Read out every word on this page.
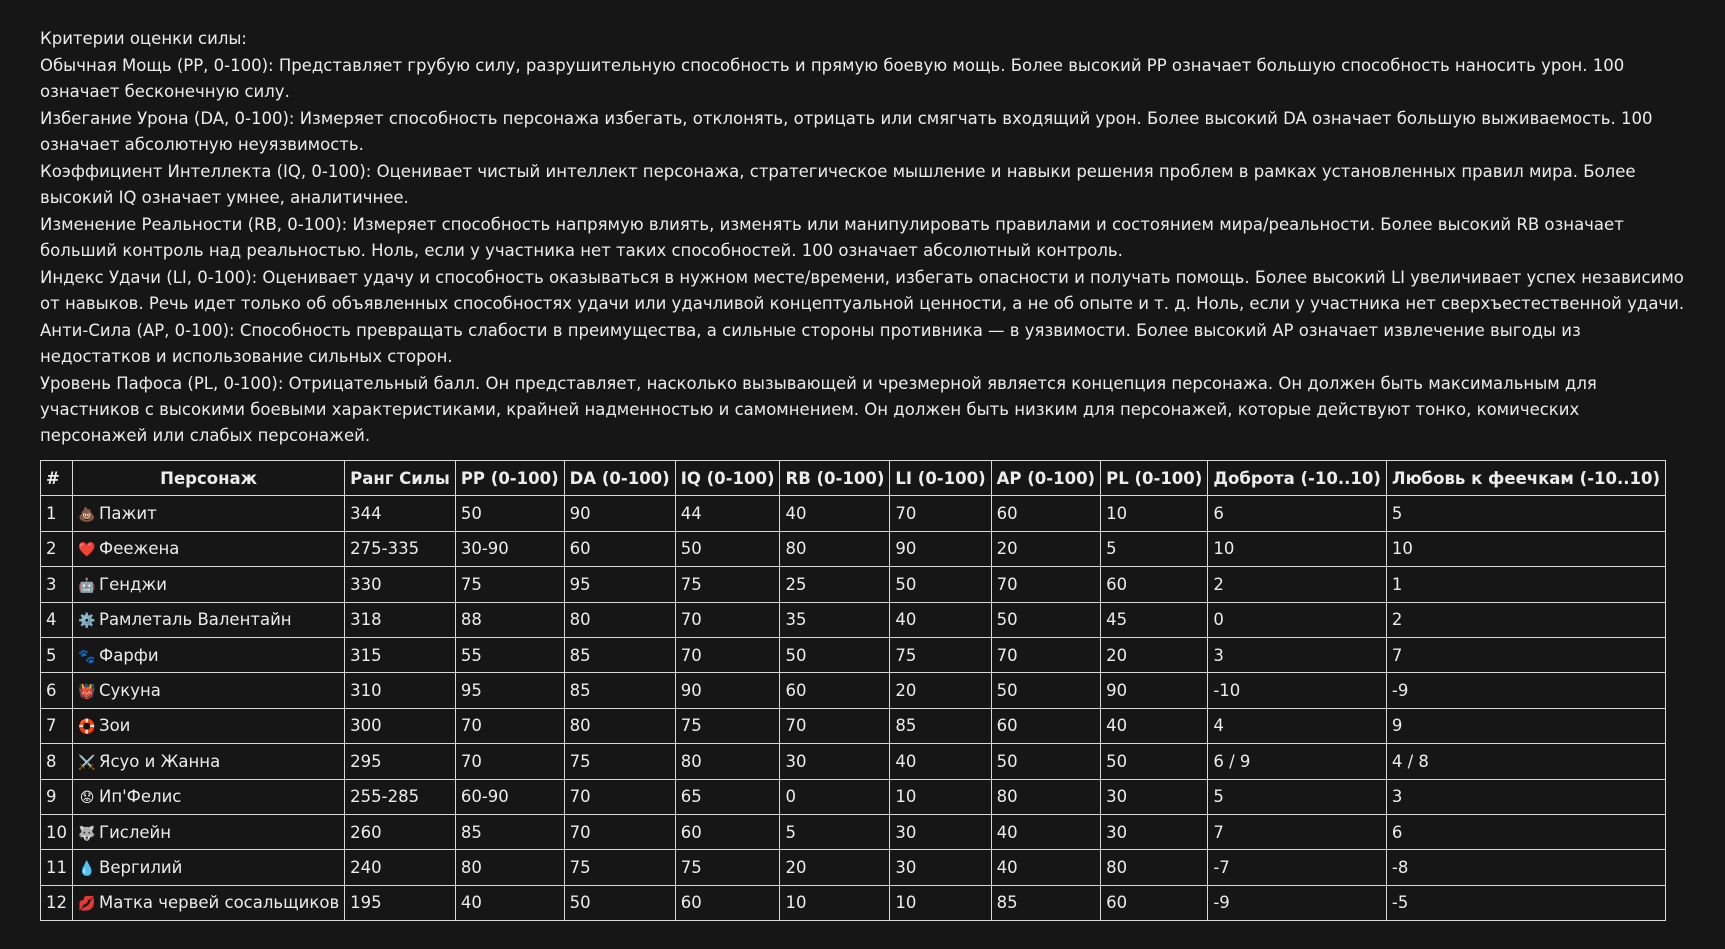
Критерии оценки силы:

Обычная Мощь (PP, 0-100): Представляет грубую силу, разрушительную способность и прямую боевую мощь. Более высокий PP означает большую способность наносить урон. 100 означает бесконечную силу.

Избегание Урона (DA, 0-100): Измеряет способность персонажа избегать, отклонять, отрицать или смягчать входящий урон. Более высокий DA означает большую выживаемость. 100 означает абсолютную неуязвимость.

Коэффициент Интеллекта (IQ, 0-100): Оценивает чистый интеллект персонажа, стратегическое мышление и навыки решения проблем в рамках установленных правил мира. Более высокий IQ означает умнее, аналитичнее.

Изменение Реальности (RB, 0-100): Измеряет способность напрямую влиять, изменять или манипулировать правилами и состоянием мира/реальности. Более высокий RB означает больший контроль над реальностью. Ноль, если у участника нет таких способностей. 100 означает абсолютный контроль.

Индекс Удачи (LI, 0-100): Оценивает удачу и способность оказываться в нужном месте/времени, избегать опасности и получать помощь. Более высокий LI увеличивает успех независимо от навыков. Речь идет только об объявленных способностях удачи или удачливой концептуальной ценности, а не об опыте и т. д. Ноль, если у участника нет сверхъестественной удачи.

Анти-Сила (AP, 0-100): Способность превращать слабости в преимущества, а сильные стороны противника — в уязвимости. Более высокий AP означает извлечение выгоды из недостатков и использование сильных сторон.

Уровень Пафоса (PL, 0-100): Отрицательный балл. Он представляет, насколько вызывающей и чрезмерной является концепция персонажа. Он должен быть максимальным для участников с высокими боевыми характеристиками, крайней надменностью и самомнением. Он должен быть низким для персонажей, которые действуют тонко, комических персонажей или слабых персонажей.

#	Персонаж	Ранг Силы	PP (0-100)	DA (0-100)	IQ (0-100)	RB (0-100)	LI (0-100)	AP (0-100)	PL (0-100)	Доброта (-10..10)	Любовь к феечкам (-10..10)
1	💩 Пажит	344	50	90	44	40	70	60	10	6	5
2	❤️ Феежена	275-335	30-90	60	50	80	90	20	5	10	10
3	🤖 Генджи	330	75	95	75	25	50	70	60	2	1
4	⚙️ Рамлеталь Валентайн	318	88	80	70	35	40	50	45	0	2
5	🐾 Фарфи	315	55	85	70	50	75	70	20	3	7
6	👹 Сукуна	310	95	85	90	60	20	50	90	-10	-9
7	🛟 Зои	300	70	80	75	70	85	60	40	4	9
8	⚔️ Ясуо и Жанна	295	70	75	80	30	40	50	50	6 / 9	4 / 8
9	😟 Ип'Фелис	255-285	60-90	70	65	0	10	80	30	5	3
10	🐺 Гислейн	260	85	70	60	5	30	40	30	7	6
11	💧 Вергилий	240	80	75	75	20	30	40	80	-7	-8
12	💋 Матка червей сосальщиков	195	40	50	60	10	10	85	60	-9	-5
